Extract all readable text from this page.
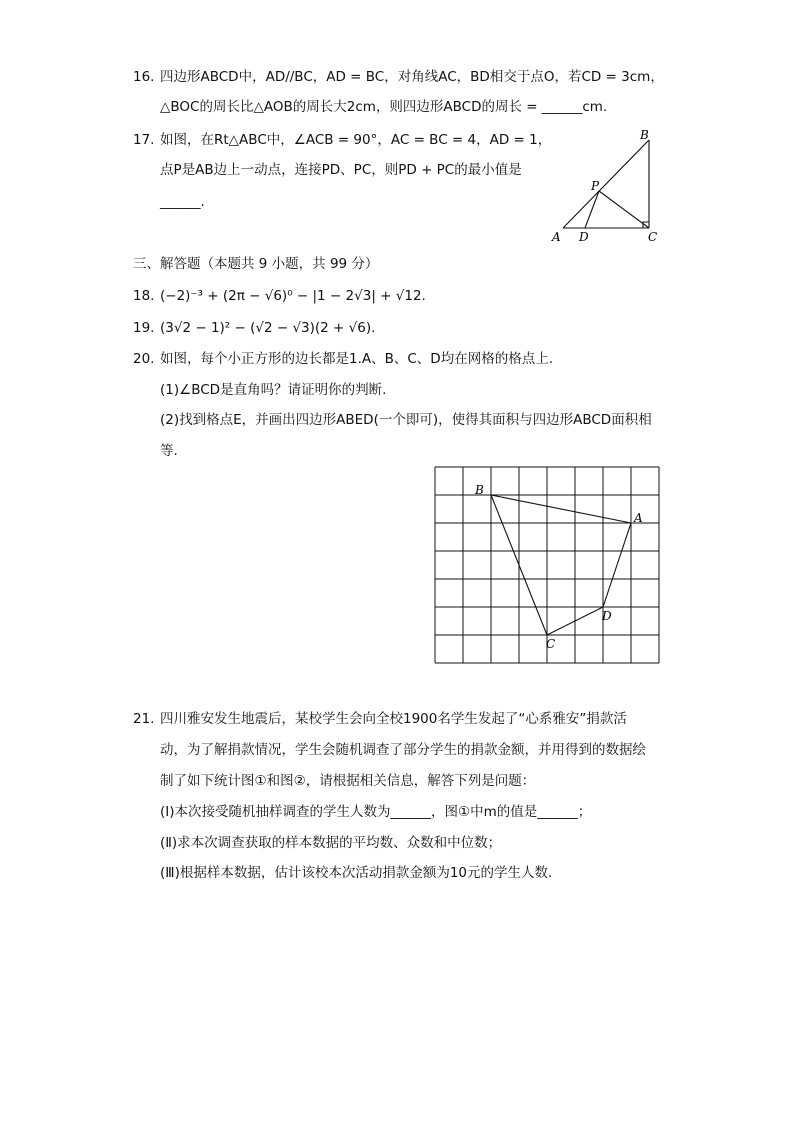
16. 四边形ABCD中，AD//BC，AD = BC，对角线AC，BD相交于点O，若CD = 3cm，
△BOC的周长比△AOB的周长大2cm，则四边形ABCD的周长 = ______cm.
17. 如图，在Rt△ABC中，∠ACB = 90°，AC = BC = 4，AD = 1，
点P是AB边上一动点，连接PD、PC，则PD + PC的最小值是
______.
B
P
A D	C
三、解答题（本题共 9 小题，共 99 分）
18. (−2)⁻³ + (2π − √6)⁰ − |1 − 2√3| + √12.
19. (3√2 − 1)² − (√2 − √3)(2 + √6).
20. 如图，每个小正方形的边长都是1.A、B、C、D均在网格的格点上.
(1)∠BCD是直角吗？请证明你的判断.
(2)找到格点E，并画出四边形ABED(一个即可)，使得其面积与四边形ABCD面积相
等.
B
A
D
C
21. 四川雅安发生地震后，某校学生会向全校1900名学生发起了“心系雅安”捐款活
动，为了解捐款情况，学生会随机调查了部分学生的捐款金额，并用得到的数据绘
制了如下统计图①和图②，请根据相关信息，解答下列是问题：
(Ⅰ)本次接受随机抽样调查的学生人数为______，图①中m的值是______；
(Ⅱ)求本次调查获取的样本数据的平均数、众数和中位数；
(Ⅲ)根据样本数据，估计该校本次活动捐款金额为10元的学生人数.
